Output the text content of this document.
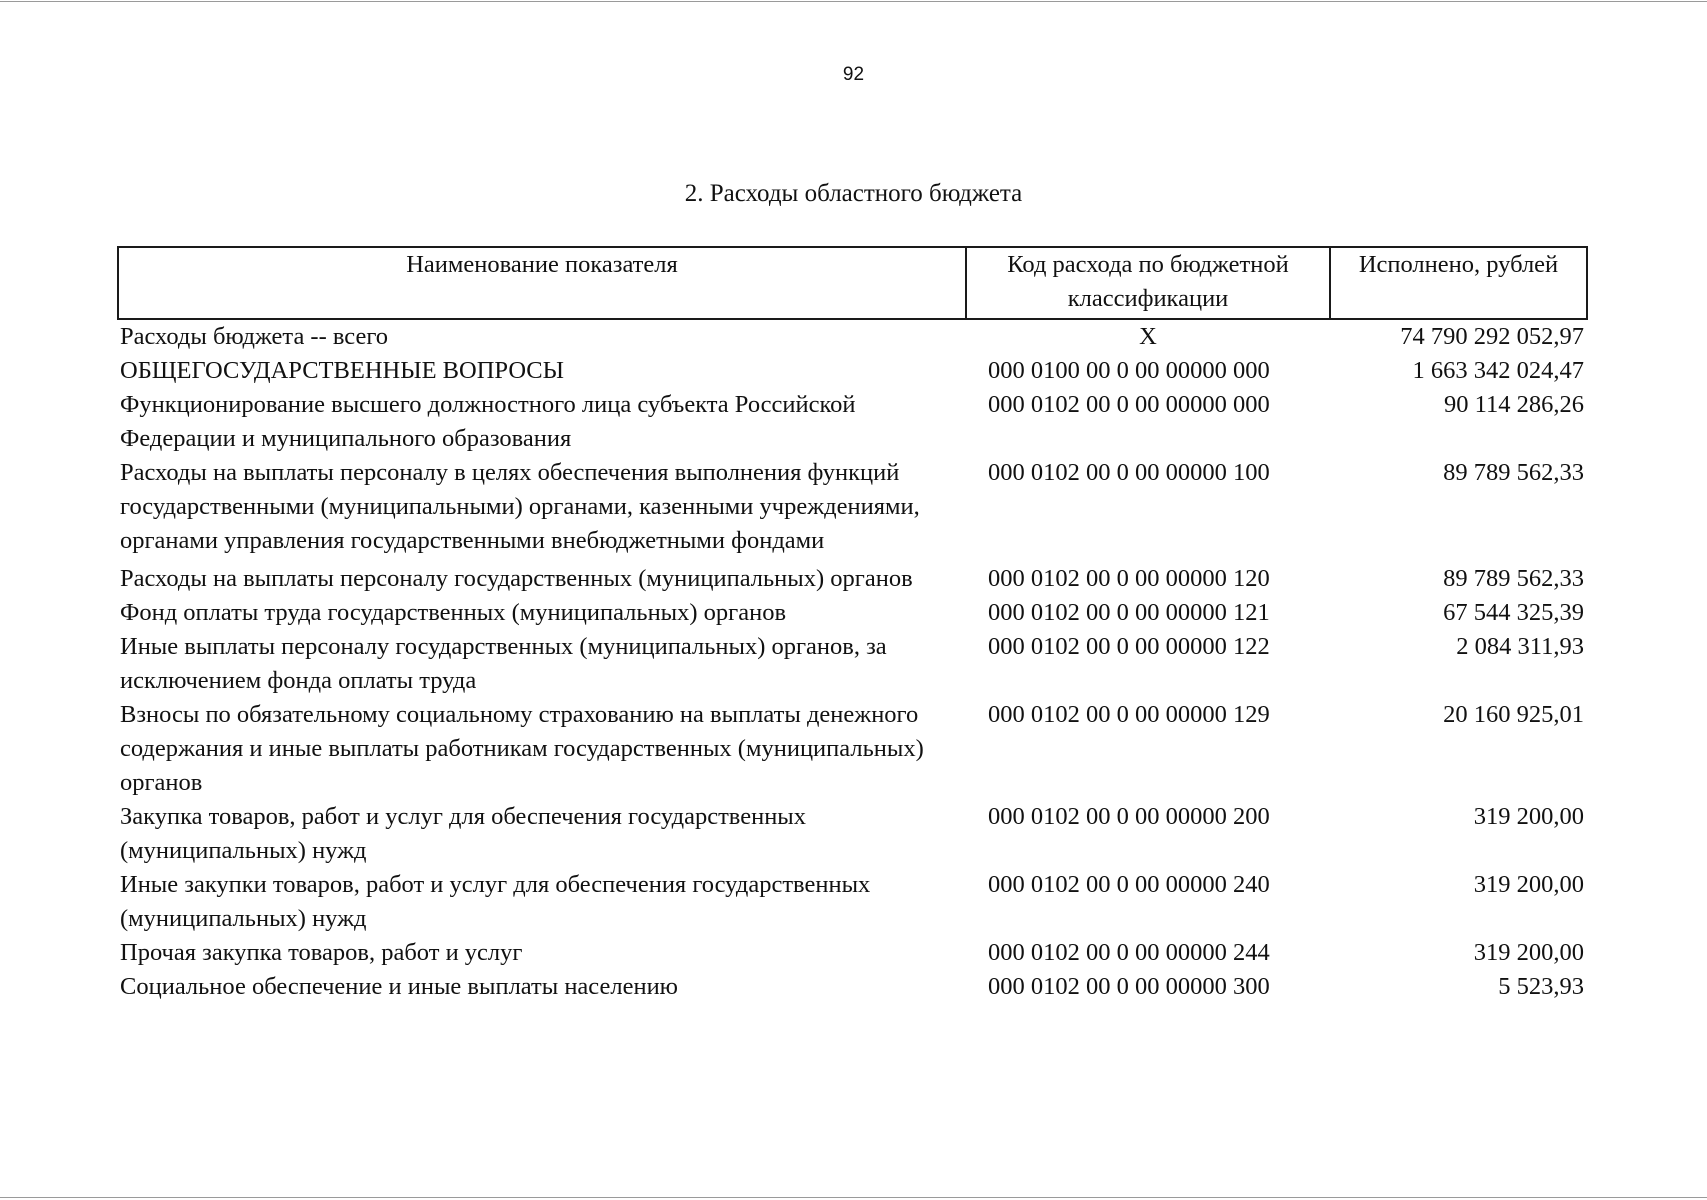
92
2. Расходы областного бюджета
Наименование показателя	Код расхода по бюджетной классификации	Исполнено, рублей
Расходы бюджета -- всего	X	74 790 292 052,97
ОБЩЕГОСУДАРСТВЕННЫЕ ВОПРОСЫ	000 0100 00 0 00 00000 000	1 663 342 024,47
Функционирование высшего должностного лица субъекта Российской Федерации и муниципального образования	000 0102 00 0 00 00000 000	90 114 286,26
Расходы на выплаты персоналу в целях обеспечения выполнения функций государственными (муниципальными) органами, казенными учреждениями, органами управления государственными внебюджетными фондами	000 0102 00 0 00 00000 100	89 789 562,33
Расходы на выплаты персоналу государственных (муниципальных) органов	000 0102 00 0 00 00000 120	89 789 562,33
Фонд оплаты труда государственных (муниципальных) органов	000 0102 00 0 00 00000 121	67 544 325,39
Иные выплаты персоналу государственных (муниципальных) органов, за исключением фонда оплаты труда	000 0102 00 0 00 00000 122	2 084 311,93
Взносы по обязательному социальному страхованию на выплаты денежного содержания и иные выплаты работникам государственных (муниципальных) органов	000 0102 00 0 00 00000 129	20 160 925,01
Закупка товаров, работ и услуг для обеспечения государственных (муниципальных) нужд	000 0102 00 0 00 00000 200	319 200,00
Иные закупки товаров, работ и услуг для обеспечения государственных (муниципальных) нужд	000 0102 00 0 00 00000 240	319 200,00
Прочая закупка товаров, работ и услуг	000 0102 00 0 00 00000 244	319 200,00
Социальное обеспечение и иные выплаты населению	000 0102 00 0 00 00000 300	5 523,93
